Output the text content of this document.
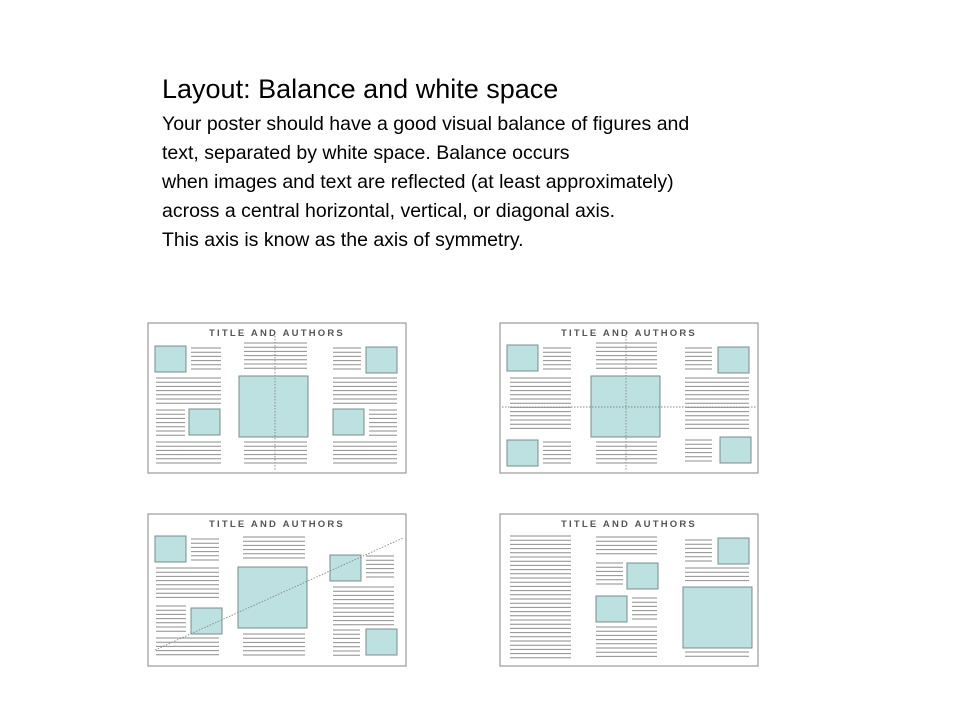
Layout: Balance and white space
Your poster should have a good visual balance of figures and
text, separated by white space. Balance occurs
when images and text are reflected (at least approximately)
across a central horizontal, vertical, or diagonal axis.
This axis is know as the axis of symmetry.
TITLE AND AUTHORS	TITLE AND AUTHORS
TITLE AND AUTHORS	TITLE AND AUTHORS
